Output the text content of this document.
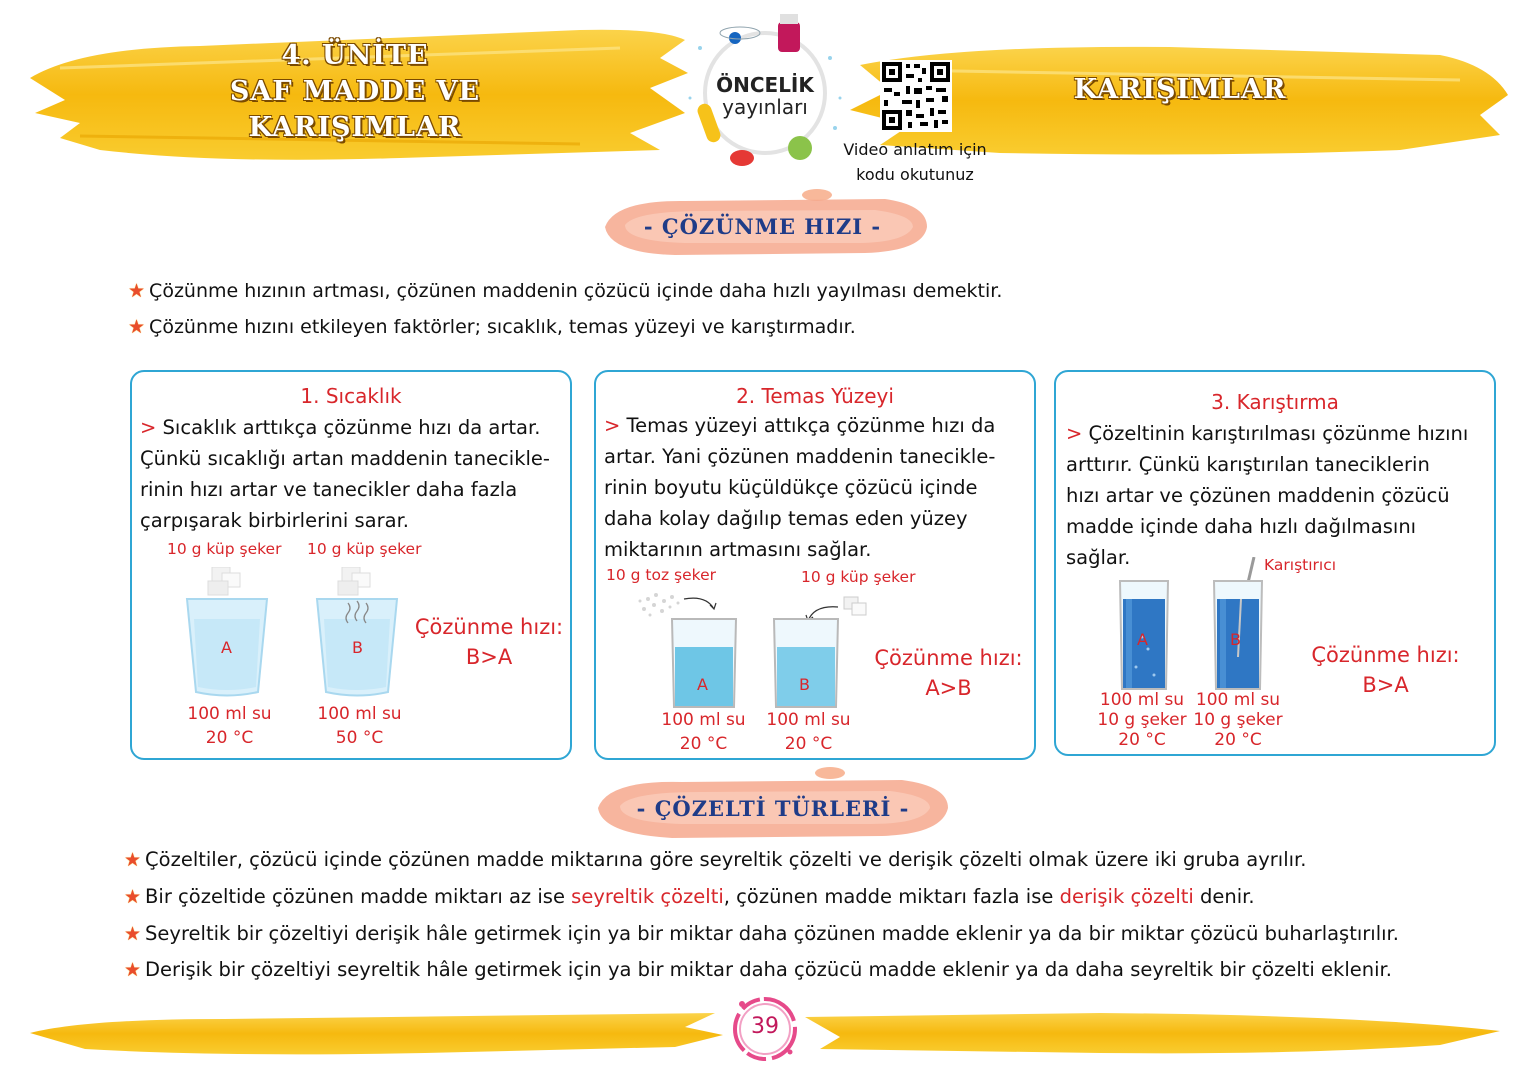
4. ÜNİTE
SAF MADDE VE
KARIŞIMLAR
KARIŞIMLAR
ÖNCELİK
yayınları
Video anlatım için
kodu okutunuz
- ÇÖZÜNME HIZI -
★ Çözünme hızının artması, çözünen maddenin çözücü içinde daha hızlı yayılması demektir.
★ Çözünme hızını etkileyen faktörler; sıcaklık, temas yüzeyi ve karıştırmadır.
1. Sıcaklık
> Sıcaklık arttıkça çözünme hızı da artar.
Çünkü sıcaklığı artan maddenin tanecikle-
rinin hızı artar ve tanecikler daha fazla
çarpışarak birbirlerini sarar.
10 g küp şeker 10 g küp şeker
A	B
100 ml su
20 °C
100 ml su
50 °C
Çözünme hızı:
B>A
2. Temas Yüzeyi
> Temas yüzeyi attıkça çözünme hızı da
artar. Yani çözünen maddenin tanecikle-
rinin boyutu küçüldükçe çözücü içinde
daha kolay dağılıp temas eden yüzey
miktarının artmasını sağlar.
10 g toz şeker	10 g küp şeker
A	B
100 ml su
20 °C
100 ml su
20 °C
Çözünme hızı:
A>B
3. Karıştırma
> Çözeltinin karıştırılması çözünme hızını
arttırır. Çünkü karıştırılan taneciklerin
hızı artar ve çözünen maddenin çözücü
madde içinde daha hızlı dağılmasını
sağlar.	Karıştırıcı
A	B
100 ml su
10 g şeker
20 °C
100 ml su
10 g şeker
20 °C
Çözünme hızı:
B>A
- ÇÖZELTİ TÜRLERİ -
★ Çözeltiler, çözücü içinde çözünen madde miktarına göre seyreltik çözelti ve derişik çözelti olmak üzere iki gruba ayrılır.
★ Bir çözeltide çözünen madde miktarı az ise seyreltik çözelti, çözünen madde miktarı fazla ise derişik çözelti denir.
★ Seyreltik bir çözeltiyi derişik hâle getirmek için ya bir miktar daha çözünen madde eklenir ya da bir miktar çözücü buharlaştırılır.
★ Derişik bir çözeltiyi seyreltik hâle getirmek için ya bir miktar daha çözücü madde eklenir ya da daha seyreltik bir çözelti eklenir.
39
